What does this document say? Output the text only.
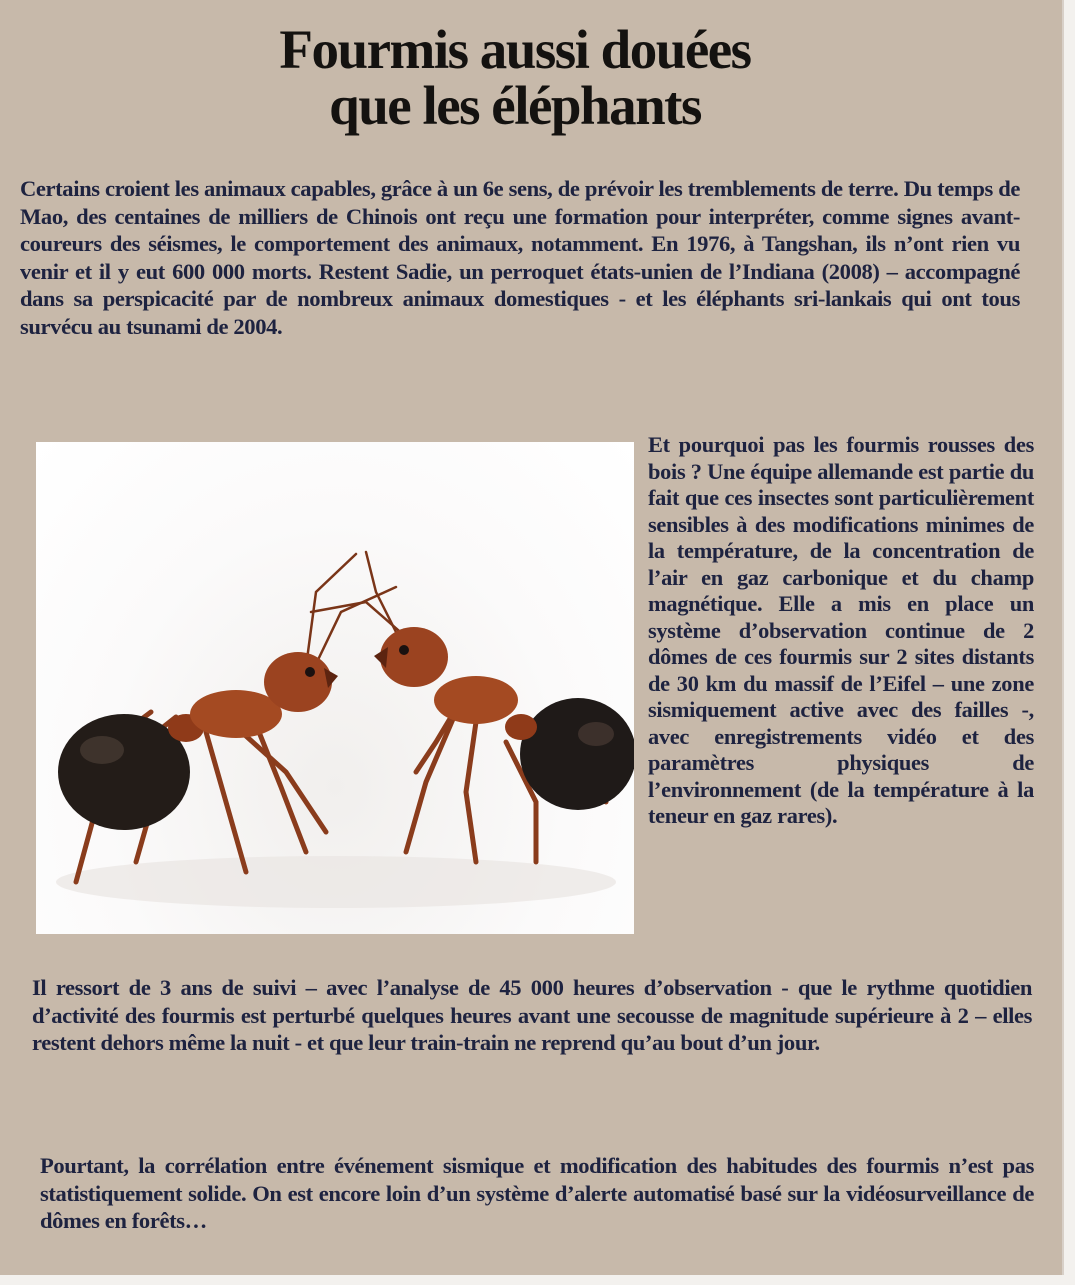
Fourmis aussi douées
que les éléphants

Certains croient les animaux capables, grâce à un 6e sens, de prévoir les tremblements de terre. Du temps de Mao, des centaines de milliers de Chinois ont reçu une formation pour interpréter, comme signes avant-coureurs des séismes, le comportement des animaux, notamment. En 1976, à Tangshan, ils n’ont rien vu venir et il y eut 600 000 morts. Restent Sadie, un perroquet états-unien de l’Indiana (2008) – accompagné dans sa perspicacité par de nombreux animaux domestiques - et les éléphants sri-lankais qui ont tous survécu au tsunami de 2004.

Et pourquoi pas les fourmis rousses des bois ? Une équipe allemande est partie du fait que ces insectes sont particulièrement sensibles à des modifications minimes de la température, de la concentration de l’air en gaz carbonique et du champ magnétique. Elle a mis en place un système d’observation continue de 2 dômes de ces fourmis sur 2 sites distants de 30 km du massif de l’Eifel – une zone sismiquement active avec des failles -, avec enregistrements vidéo et des paramètres physiques de l’environnement (de la température à la teneur en gaz rares).

Il ressort de 3 ans de suivi – avec l’analyse de 45 000 heures d’observation - que le rythme quotidien d’activité des fourmis est perturbé quelques heures avant une secousse de magnitude supérieure à 2 – elles restent dehors même la nuit - et que leur train-train ne reprend qu’au bout d’un jour.

Pourtant, la corrélation entre événement sismique et modification des habitudes des fourmis n’est pas statistiquement solide. On est encore loin d’un système d’alerte automatisé basé sur la vidéosurveillance de dômes en forêts…
